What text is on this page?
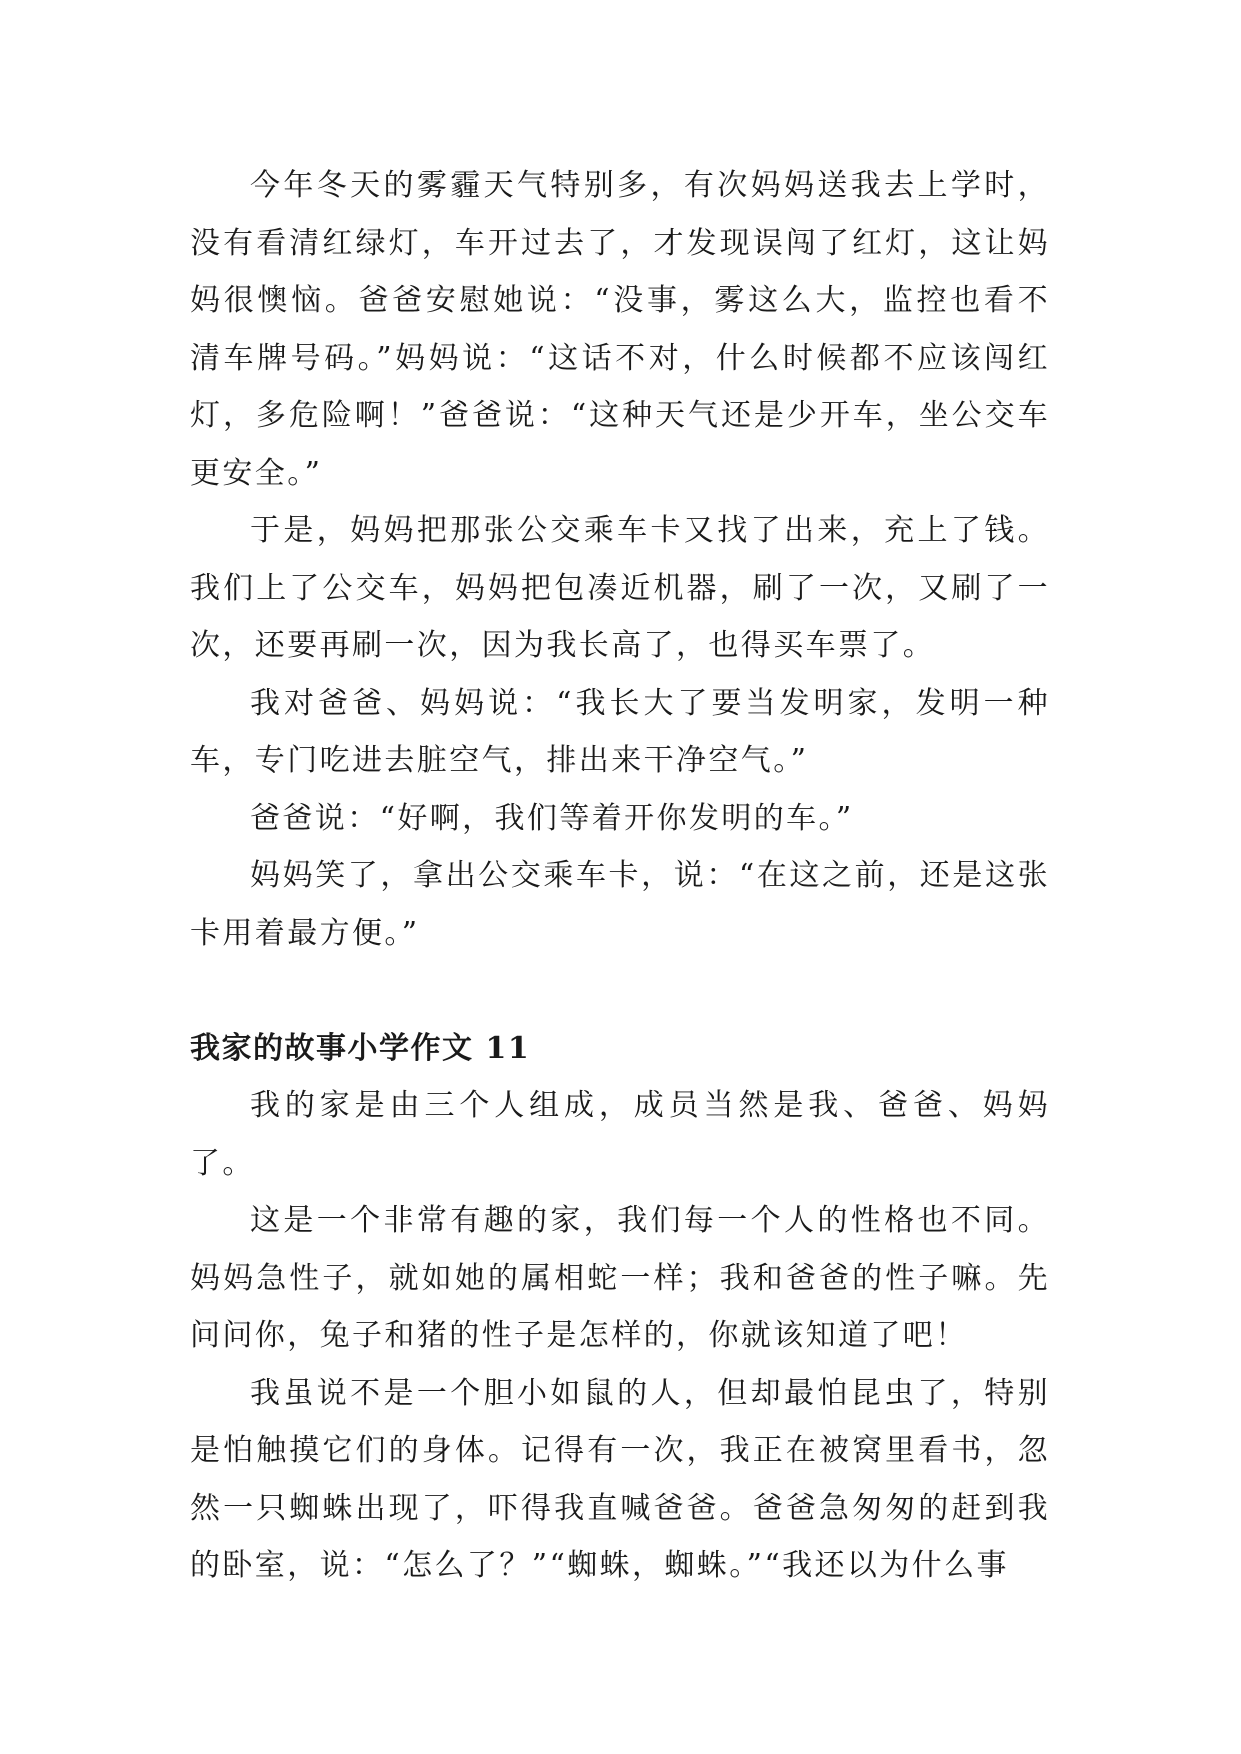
今年冬天的雾霾天气特别多，有次妈妈送我去上学时，没有看清红绿灯，车开过去了，才发现误闯了红灯，这让妈妈很懊恼。爸爸安慰她说：“没事，雾这么大，监控也看不清车牌号码。”妈妈说：“这话不对，什么时候都不应该闯红灯，多危险啊！”爸爸说：“这种天气还是少开车，坐公交车更安全。”

于是，妈妈把那张公交乘车卡又找了出来，充上了钱。我们上了公交车，妈妈把包凑近机器，刷了一次，又刷了一次，还要再刷一次，因为我长高了，也得买车票了。

我对爸爸、妈妈说：“我长大了要当发明家，发明一种车，专门吃进去脏空气，排出来干净空气。”

爸爸说：“好啊，我们等着开你发明的车。”

妈妈笑了，拿出公交乘车卡，说：“在这之前，还是这张卡用着最方便。”

我家的故事小学作文 11

我的家是由三个人组成，成员当然是我、爸爸、妈妈了。

这是一个非常有趣的家，我们每一个人的性格也不同。妈妈急性子，就如她的属相蛇一样；我和爸爸的性子嘛。先问问你，兔子和猪的性子是怎样的，你就该知道了吧！

我虽说不是一个胆小如鼠的人，但却最怕昆虫了，特别是怕触摸它们的身体。记得有一次，我正在被窝里看书，忽然一只蜘蛛出现了，吓得我直喊爸爸。爸爸急匆匆的赶到我的卧室，说：“怎么了？”“蜘蛛，蜘蛛。”“我还以为什么事
